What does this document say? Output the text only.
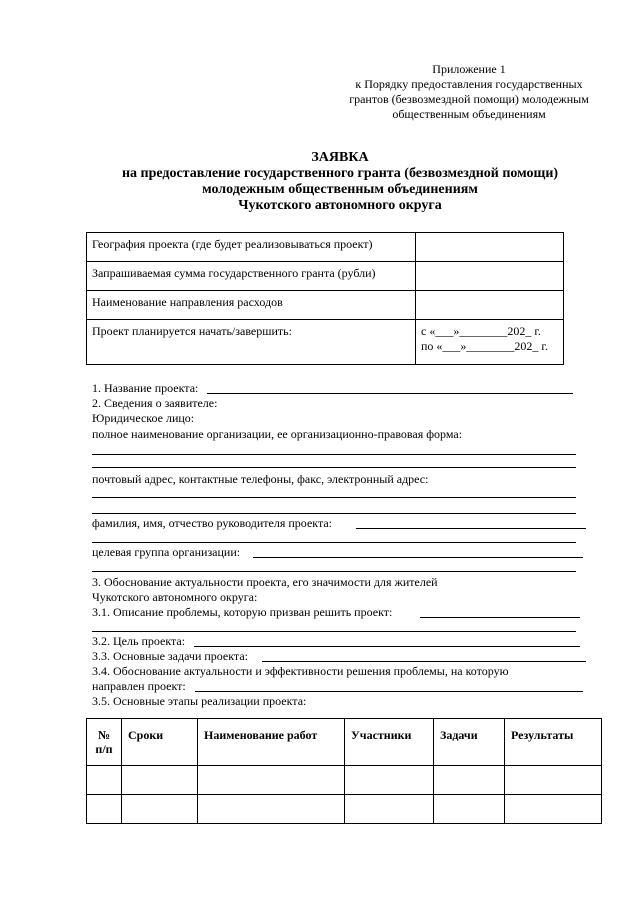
Приложение 1
к Порядку предоставления государственных
грантов (безвозмездной помощи) молодежным
общественным объединениям
ЗАЯВКА
на предоставление государственного гранта (безвозмездной помощи)
молодежным общественным объединениям
Чукотского автономного округа
География проекта (где будет реализовываться проект)	
Запрашиваемая сумма государственного гранта (рубли)	
Наименование направления расходов	
Проект планируется начать/завершить:	с «___»________202_ г.
по «___»________202_ г.
1. Название проекта:
2. Сведения о заявителе:
Юридическое лицо:
полное наименование организации, ее организационно-правовая форма:
почтовый адрес, контактные телефоны, факс, электронный адрес:
фамилия, имя, отчество руководителя проекта:
целевая группа организации:
3. Обоснование актуальности проекта, его значимости для жителей
Чукотского автономного округа:
3.1. Описание проблемы, которую призван решить проект:
3.2. Цель проекта:
3.3. Основные задачи проекта:
3.4. Обоснование актуальности и эффективности решения проблемы, на которую
направлен проект:
3.5. Основные этапы реализации проекта:
№ п/п	Сроки	Наименование работ	Участники	Задачи	Результаты
